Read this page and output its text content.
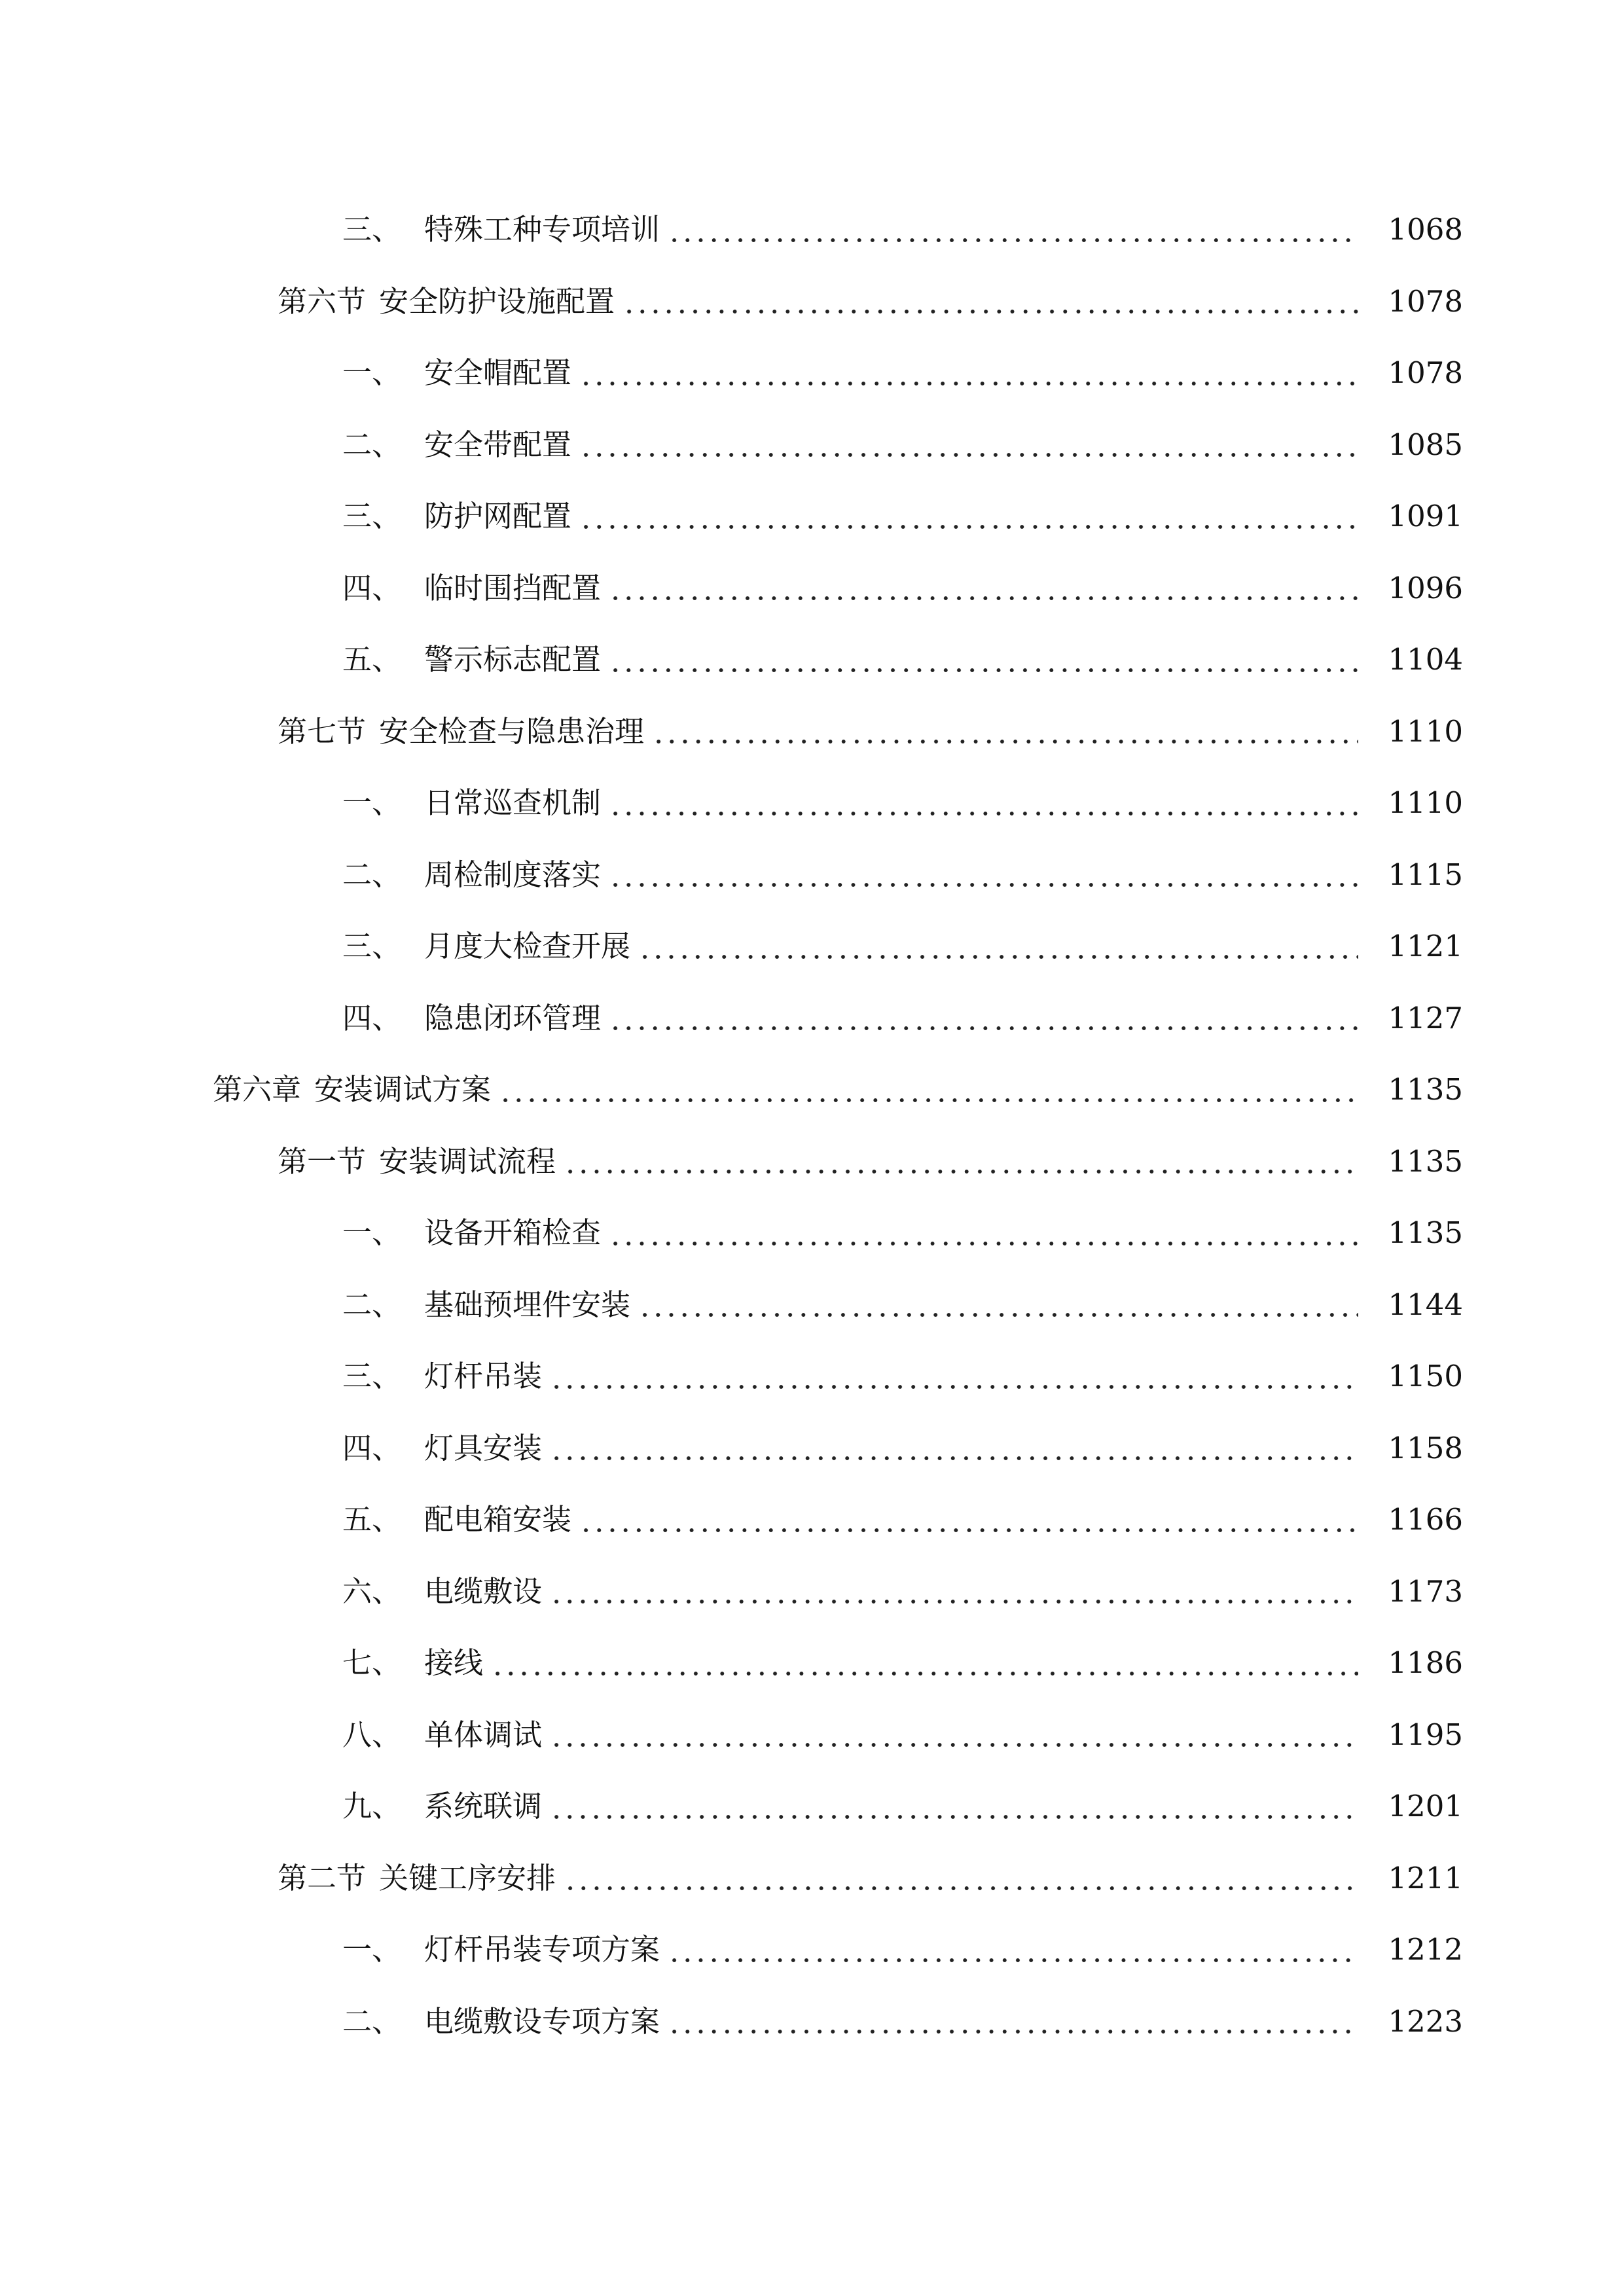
三、 特殊工种专项培训	1068
第六节 安全防护设施配置	1078
一、 安全帽配置	1078
二、 安全带配置	1085
三、 防护网配置	1091
四、 临时围挡配置	1096
五、 警示标志配置	1104
第七节 安全检查与隐患治理	1110
一、 日常巡查机制	1110
二、 周检制度落实	1115
三、 月度大检查开展	1121
四、 隐患闭环管理	1127
第六章 安装调试方案	1135
第一节 安装调试流程	1135
一、 设备开箱检查	1135
二、 基础预埋件安装	1144
三、 灯杆吊装	1150
四、 灯具安装	1158
五、 配电箱安装	1166
六、 电缆敷设	1173
七、 接线	1186
八、 单体调试	1195
九、 系统联调	1201
第二节 关键工序安排	1211
一、 灯杆吊装专项方案	1212
二、 电缆敷设专项方案	1223
